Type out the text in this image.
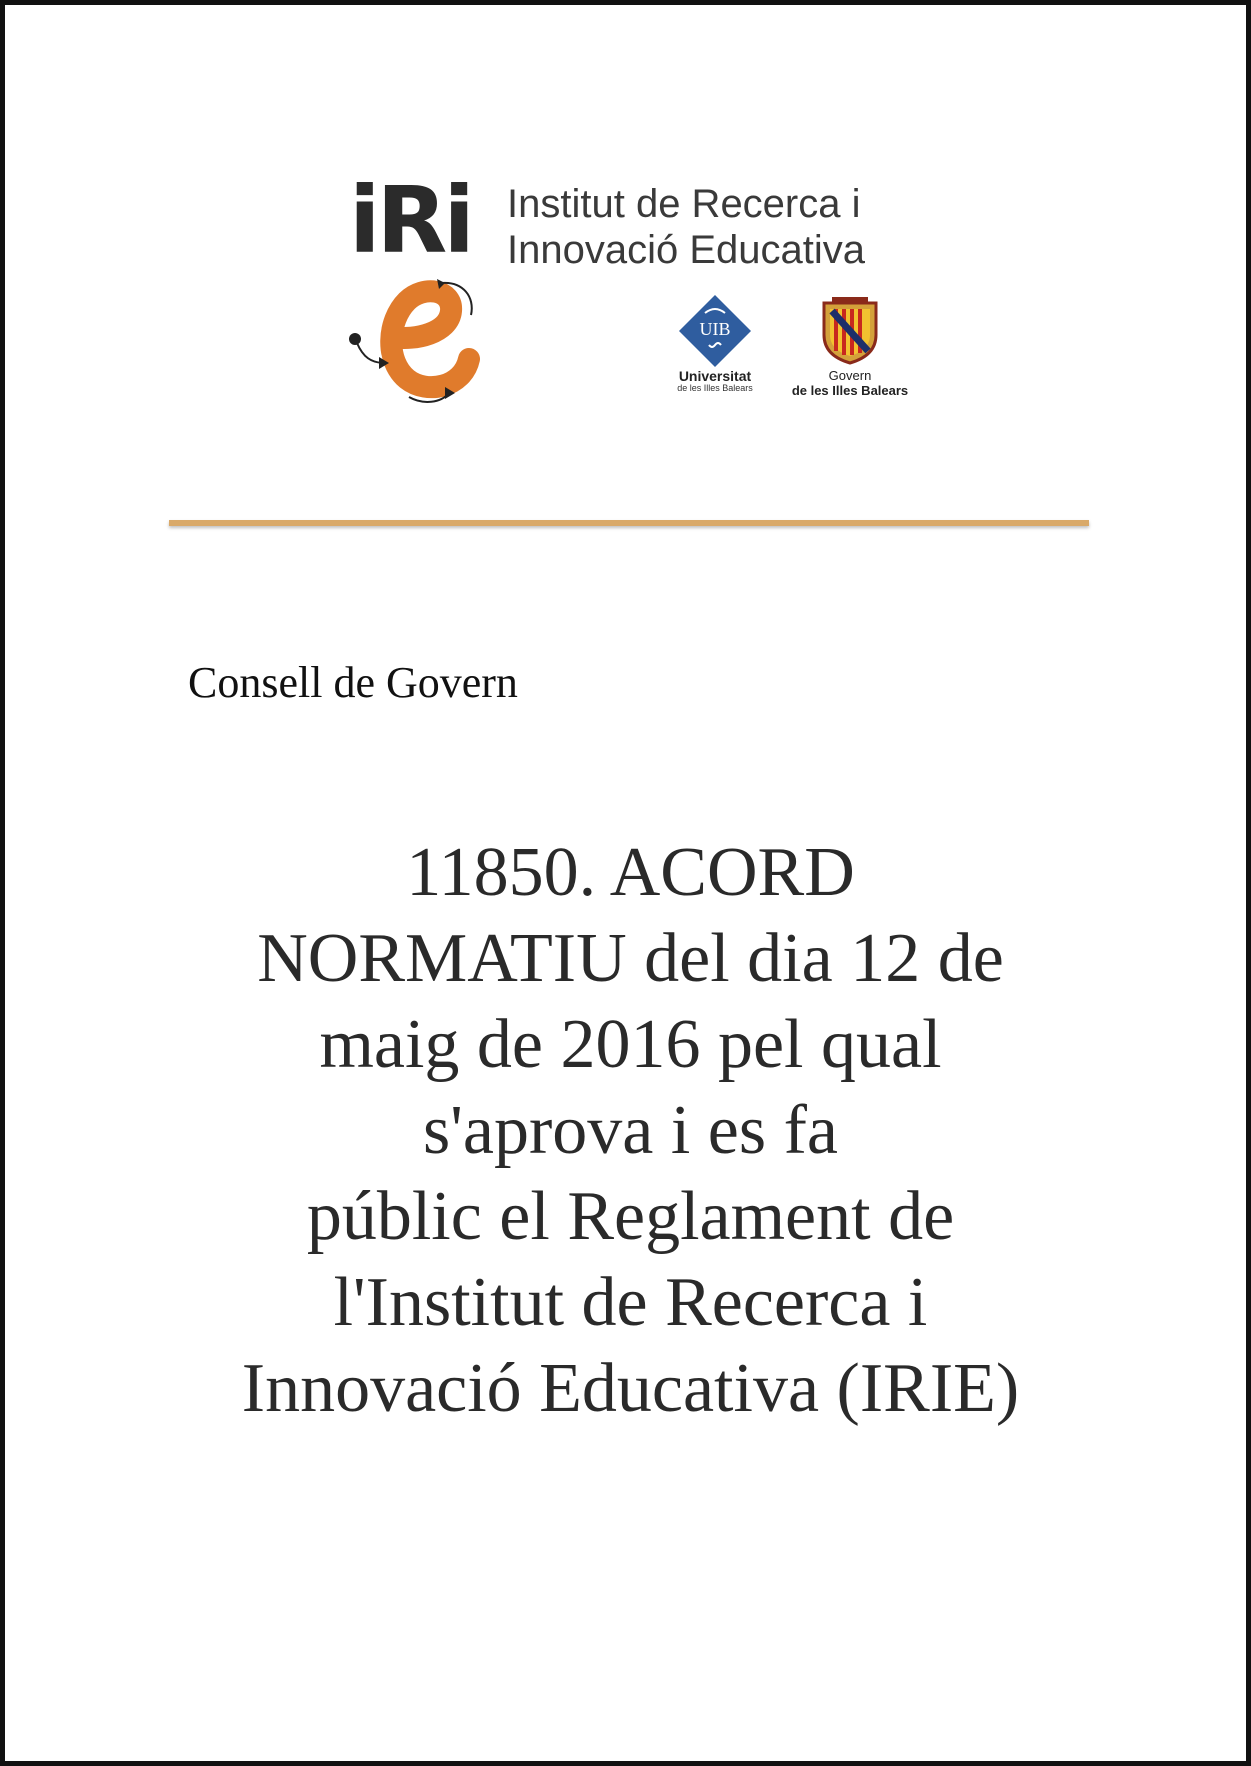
iRi Institut de Recerca i
Innovació Educativa
UIB
Universitat
de les Illes Balears
Govern
de les Illes Balears
Consell de Govern
11850. ACORD
NORMATIU del dia 12 de
maig de 2016 pel qual
s'aprova i es fa
públic el Reglament de
l'Institut de Recerca i
Innovació Educativa (IRIE)
